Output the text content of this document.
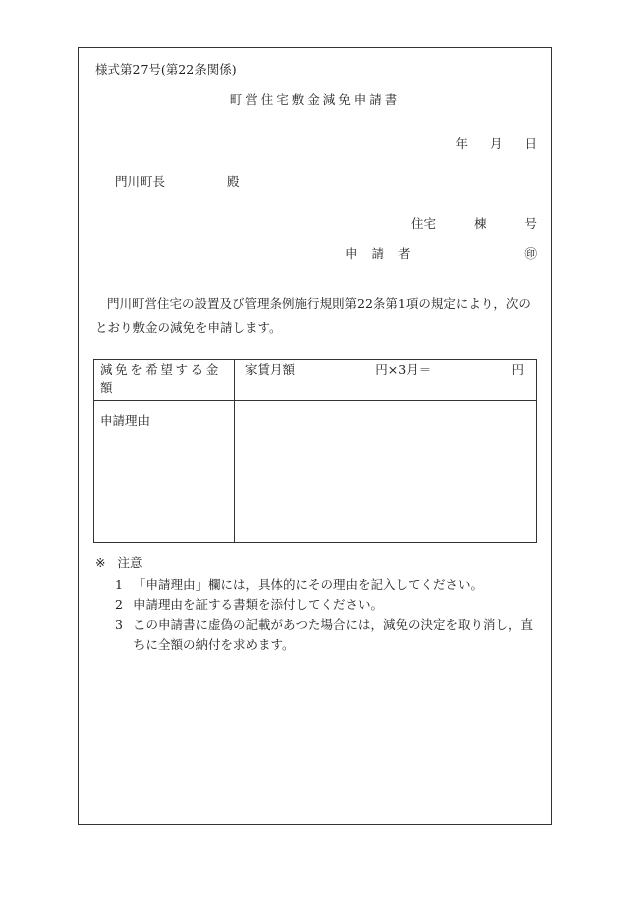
様式第27号(第22条関係)
町営住宅敷金減免申請書
年 月 日
門川町長	殿
住宅	棟	号
申請者	㊞
門川町営住宅の設置及び管理条例施行規則第22条第1項の規定により，次のとおり敷金の減免を申請します。
減免を希望する金額	家賃月額 円×3月＝ 円

申請理由	
※ 注意
1 「申請理由」欄には，具体的にその理由を記入してください。
2 申請理由を証する書類を添付してください。
3 この申請書に虚偽の記載があつた場合には，減免の決定を取り消し，直ちに全額の納付を求めます。
